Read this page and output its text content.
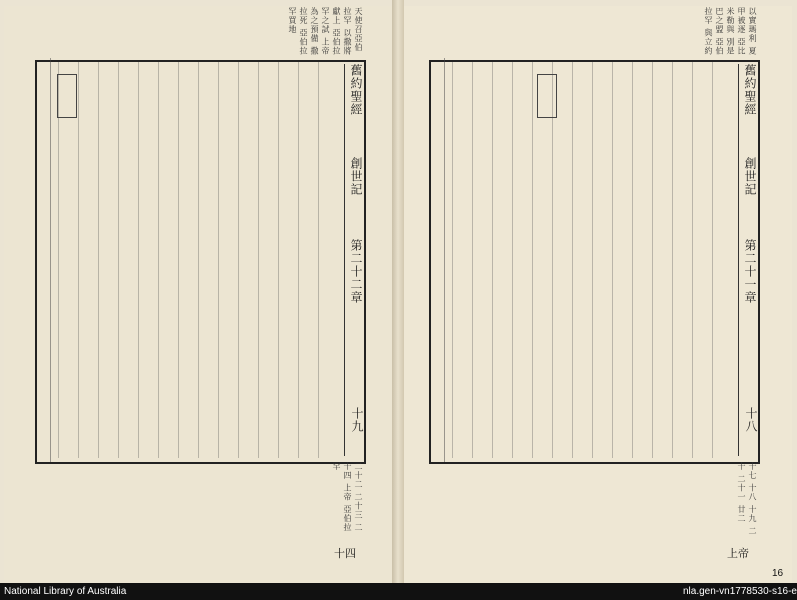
舊約聖經
創世記
第二十二章
十九
舊約聖經
創世記
第二十一章
十八
天使召亞伯拉罕 以撒將獻上 亞伯拉罕之試 上帝為之預備 撒拉死 亞伯拉罕買地	以實瑪利 夏甲被逐 亞比米勒與 別是巴之盟 亞伯拉罕 與立約
二十二 二十三 二十四 上帝 亞伯拉罕	十七 十八 十九 二十 二十一 廿二
十四	上帝
16
National Library of Australia	nla.gen-vn1778530-s16-e
